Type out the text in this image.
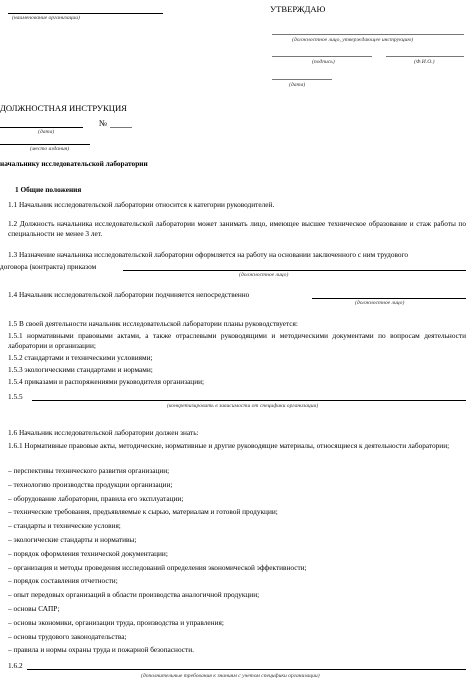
(наименование организации)
УТВЕРЖДАЮ
(должностное лицо, утверждающее инструкцию)
(подпись)	(Ф.И.О.)
(дата)
ДОЛЖНОСТНАЯ ИНСТРУКЦИЯ
№
(дата)
(место издания)
начальнику исследовательской лаборатории
1 Общие положения
1.1 Начальник исследовательской лаборатории относится к категории руководителей.
1.2 Должность начальника исследовательской лаборатории может занимать лицо, имеющее высшее техническое образование и стаж работы по специальности не менее 3 лет.
1.3 Назначение начальника исследовательской лаборатории оформляется на работу на основании заключенного с ним трудового
договора (контракта) приказом
(должностное лицо)
1.4 Начальник исследовательской лаборатории подчиняется непосредственно
(должностное лицо)
1.5 В своей деятельности начальник исследовательской лаборатории планы руководствуется:
1.5.1 нормативными правовыми актами, а также отраслевыми руководящими и методическими документами по вопросам деятельности лаборатории и организации;
1.5.2 стандартами и техническими условиями;
1.5.3 экологическими стандартами и нормами;
1.5.4 приказами и распоряжениями руководителя организации;
1.5.5
(конкретизировать в зависимости от специфики организации)
1.6 Начальник исследовательской лаборатории должен знать:
1.6.1 Нормативные правовые акты, методические, нормативные и другие руководящие материалы, относящиеся к деятельности лаборатории;
– перспективы технического развития организации;
– технологию производства продукции организации;
– оборудование лаборатории, правила его эксплуатации;
– технические требования, предъявляемые к сырью, материалам и готовой продукции;
– стандарты и технические условия;
– экологические стандарты и нормативы;
– порядок оформления технической документации;
– организация и методы проведения исследований определения экономической эффективности;
– порядок составления отчетности;
– опыт передовых организаций в области производства аналогичной продукции;
– основы САПР;
– основы экономики, организации труда, производства и управления;
– основы трудового законодательства;
– правила и нормы охраны труда и пожарной безопасности.
1.6.2
(дополнительные требования к знаниям с учетом специфики организации)
